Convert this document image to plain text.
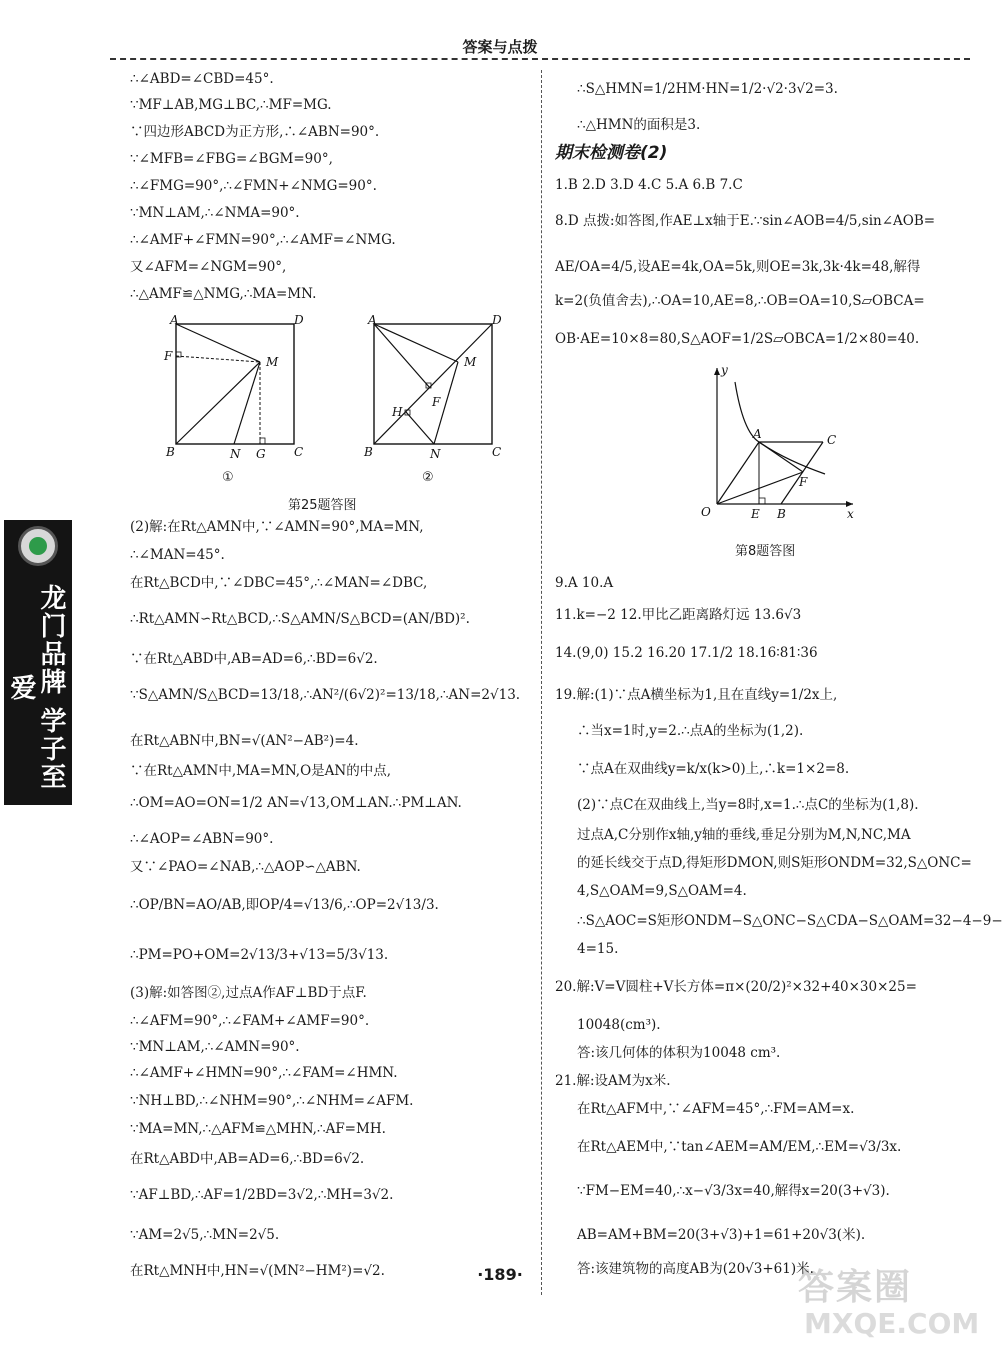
答案与点拨
龙门品牌 学子至爱
∴∠ABD=∠CBD=45°.
∵MF⊥AB,MG⊥BC,∴MF=MG.
∵四边形ABCD为正方形,∴∠ABN=90°.
∵∠MFB=∠FBG=∠BGM=90°,
∴∠FMG=90°,∴∠FMN+∠NMG=90°.
∵MN⊥AM,∴∠NMA=90°.
∴∠AMF+∠FMN=90°,∴∠AMF=∠NMG.
又∠AFM=∠NGM=90°,
∴△AMF≌△NMG,∴MA=MN.
A	D
F	M
B	N G C
①
A	D
M
F
H
B	N	C
②
第25题答图
(2)解:在Rt△AMN中,∵∠AMN=90°,MA=MN,
∴∠MAN=45°.
在Rt△BCD中,∵∠DBC=45°,∴∠MAN=∠DBC,
∴Rt△AMN∽Rt△BCD,∴S△AMN/S△BCD=(AN/BD)².
∵在Rt△ABD中,AB=AD=6,∴BD=6√2.
∵S△AMN/S△BCD=13/18,∴AN²/(6√2)²=13/18,∴AN=2√13.
在Rt△ABN中,BN=√(AN²−AB²)=4.
∵在Rt△AMN中,MA=MN,O是AN的中点,
∴OM=AO=ON=1/2 AN=√13,OM⊥AN.∴PM⊥AN.
∴∠AOP=∠ABN=90°.
又∵∠PAO=∠NAB,∴△AOP∽△ABN.
∴OP/BN=AO/AB,即OP/4=√13/6,∴OP=2√13/3.
∴PM=PO+OM=2√13/3+√13=5/3√13.
(3)解:如答图②,过点A作AF⊥BD于点F.
∴∠AFM=90°,∴∠FAM+∠AMF=90°.
∵MN⊥AM,∴∠AMN=90°.
∴∠AMF+∠HMN=90°,∴∠FAM=∠HMN.
∵NH⊥BD,∴∠NHM=90°,∴∠NHM=∠AFM.
∵MA=MN,∴△AFM≌△MHN,∴AF=MH.
在Rt△ABD中,AB=AD=6,∴BD=6√2.
∵AF⊥BD,∴AF=1/2BD=3√2,∴MH=3√2.
∵AM=2√5,∴MN=2√5.
在Rt△MNH中,HN=√(MN²−HM²)=√2.
∴S△HMN=1/2HM·HN=1/2·√2·3√2=3.
∴△HMN的面积是3.
期末检测卷(2)
1.B 2.D 3.D 4.C 5.A 6.B 7.C
8.D 点拨:如答图,作AE⊥x轴于E.∵sin∠AOB=4/5,sin∠AOB=
AE/OA=4/5,设AE=4k,OA=5k,则OE=3k,3k·4k=48,解得
k=2(负值舍去),∴OA=10,AE=8,∴OB=OA=10,S▱OBCA=
OB·AE=10×8=80,S△AOF=1/2S▱OBCA=1/2×80=40.
y
A	C
F
O	E B	x
第8题答图
9.A 10.A
11.k=−2 12.甲比乙距离路灯远 13.6√3
14.(9,0) 15.2 16.20 17.1/2 18.16∶81∶36
19.解:(1)∵点A横坐标为1,且在直线y=1/2x上,
∴当x=1时,y=2.∴点A的坐标为(1,2).
∵点A在双曲线y=k/x(k>0)上,∴k=1×2=8.
(2)∵点C在双曲线上,当y=8时,x=1.∴点C的坐标为(1,8).
过点A,C分别作x轴,y轴的垂线,垂足分别为M,N,NC,MA
的延长线交于点D,得矩形DMON,则S矩形ONDM=32,S△ONC=
4,S△OAM=9,S△OAM=4.
∴S△AOC=S矩形ONDM−S△ONC−S△CDA−S△OAM=32−4−9−
4=15.
20.解:V=V圆柱+V长方体=π×(20/2)²×32+40×30×25=
10048(cm³).
答:该几何体的体积为10048 cm³.
21.解:设AM为x米.
在Rt△AFM中,∵∠AFM=45°,∴FM=AM=x.
在Rt△AEM中,∵tan∠AEM=AM/EM,∴EM=√3/3x.
∵FM−EM=40,∴x−√3/3x=40,解得x=20(3+√3).
AB=AM+BM=20(3+√3)+1=61+20√3(米).
答:该建筑物的高度AB为(20√3+61)米.
·189·	答案圈
MXQE.COM
